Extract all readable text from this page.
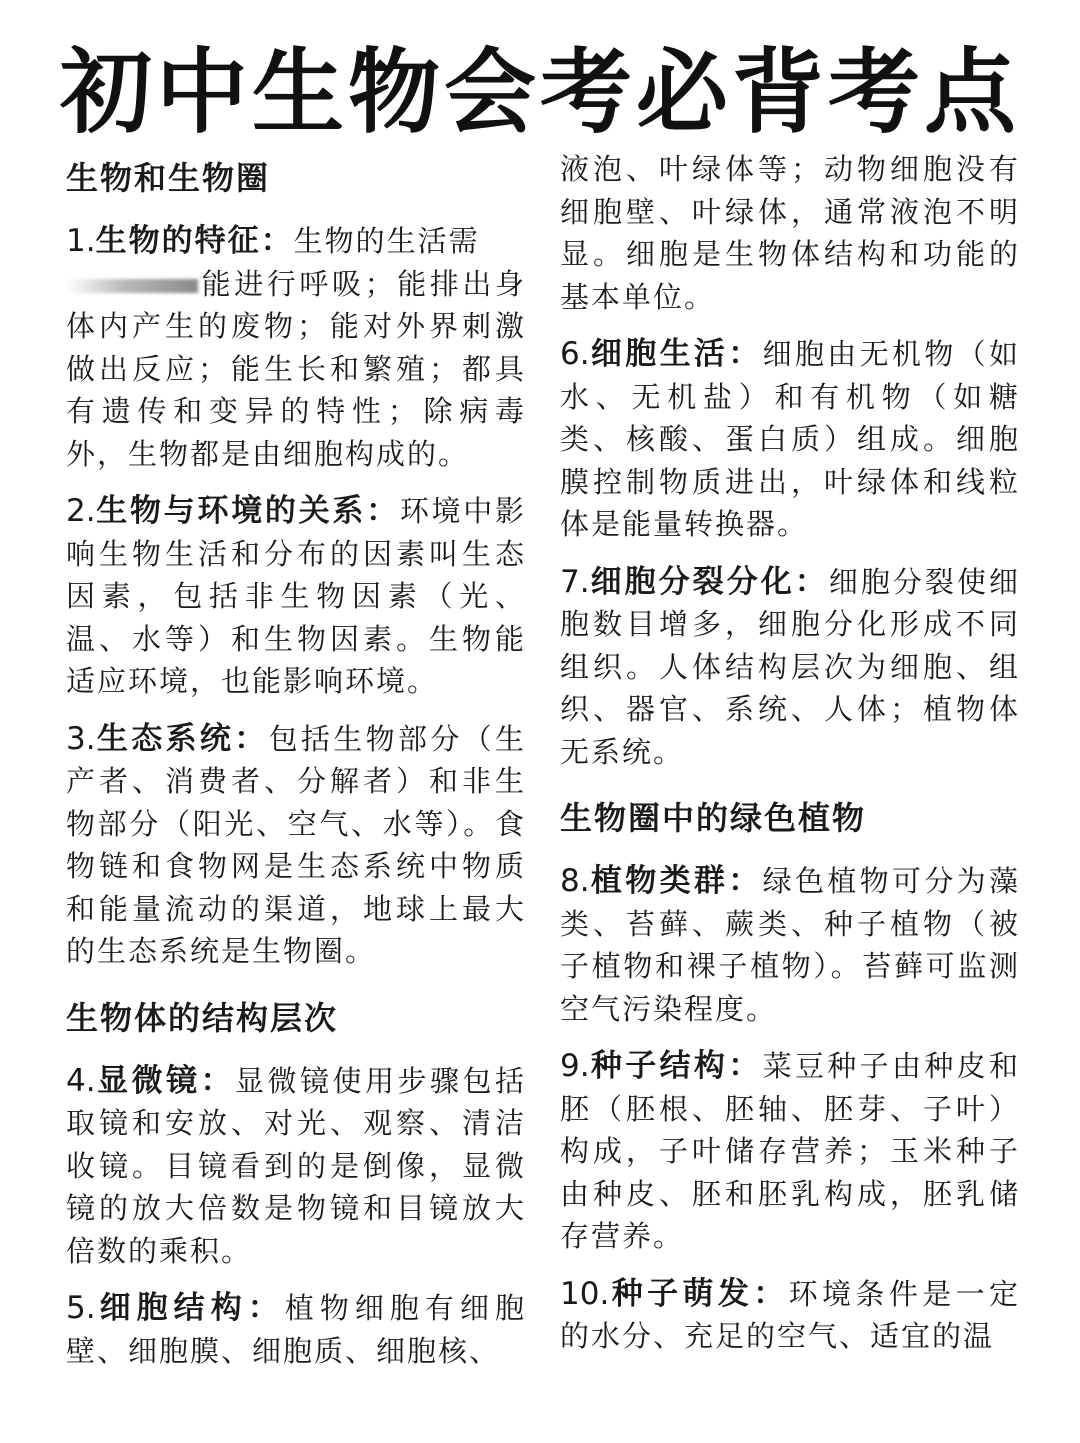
初中生物会考必背考点
生物和生物圈

1.生物的特征：生物的生活需
能进行呼吸；能排出身体内产生的废物；能对外界刺激做出反应；能生长和繁殖；都具有遗传和变异的特性；除病毒外，生物都是由细胞构成的。

2.生物与环境的关系：环境中影响生物生活和分布的因素叫生态因素，包括非生物因素（光、温、水等）和生物因素。生物能适应环境，也能影响环境。

3.生态系统：包括生物部分（生产者、消费者、分解者）和非生物部分（阳光、空气、水等）。食物链和食物网是生态系统中物质和能量流动的渠道，地球上最大的生态系统是生物圈。

生物体的结构层次

4.显微镜：显微镜使用步骤包括取镜和安放、对光、观察、清洁收镜。目镜看到的是倒像，显微镜的放大倍数是物镜和目镜放大倍数的乘积。

5.细胞结构：植物细胞有细胞壁、细胞膜、细胞质、细胞核、

液泡、叶绿体等；动物细胞没有细胞壁、叶绿体，通常液泡不明显。细胞是生物体结构和功能的基本单位。

6.细胞生活：细胞由无机物（如水、无机盐）和有机物（如糖类、核酸、蛋白质）组成。细胞膜控制物质进出，叶绿体和线粒体是能量转换器。

7.细胞分裂分化：细胞分裂使细胞数目增多，细胞分化形成不同组织。人体结构层次为细胞、组织、器官、系统、人体；植物体无系统。

生物圈中的绿色植物

8.植物类群：绿色植物可分为藻类、苔藓、蕨类、种子植物（被子植物和裸子植物）。苔藓可监测空气污染程度。

9.种子结构：菜豆种子由种皮和胚（胚根、胚轴、胚芽、子叶）构成，子叶储存营养；玉米种子由种皮、胚和胚乳构成，胚乳储存营养。

10.种子萌发：环境条件是一定的水分、充足的空气、适宜的温
